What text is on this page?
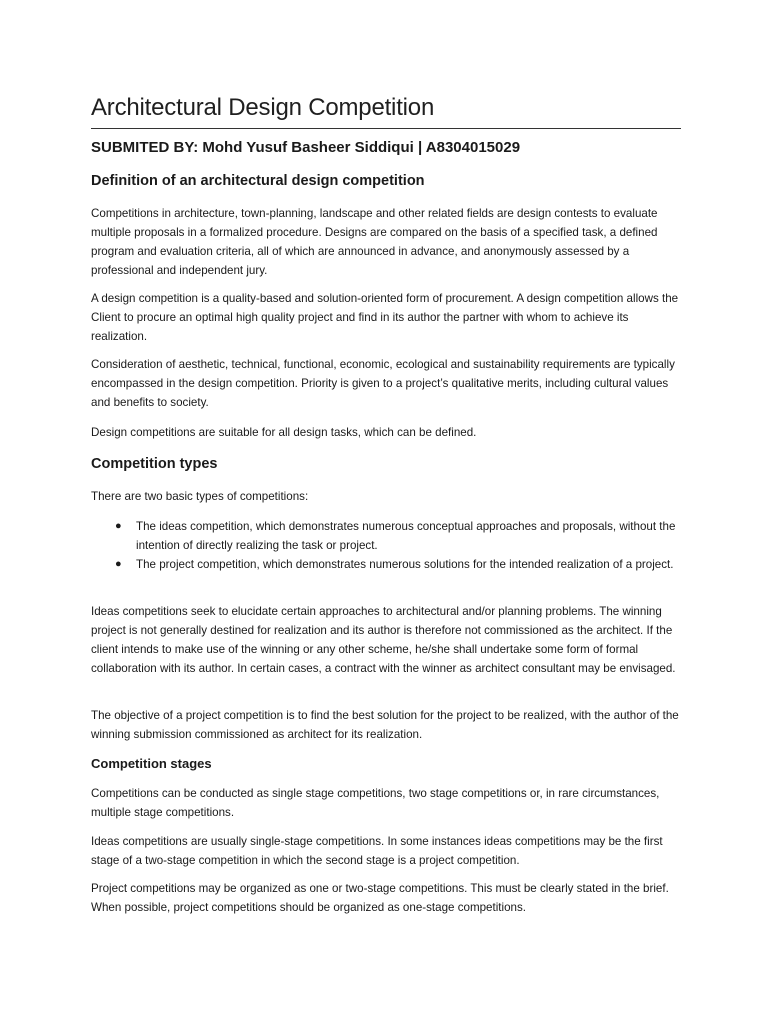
Architectural Design Competition

SUBMITED BY: Mohd Yusuf Basheer Siddiqui | A8304015029

Definition of an architectural design competition

Competitions in architecture, town-planning, landscape and other related fields are design contests to evaluate multiple proposals in a formalized procedure. Designs are compared on the basis of a specified task, a defined program and evaluation criteria, all of which are announced in advance, and anonymously assessed by a professional and independent jury.

A design competition is a quality-based and solution-oriented form of procurement. A design competition allows the Client to procure an optimal high quality project and find in its author the partner with whom to achieve its realization.

Consideration of aesthetic, technical, functional, economic, ecological and sustainability requirements are typically encompassed in the design competition. Priority is given to a project’s qualitative merits, including cultural values and benefits to society.

Design competitions are suitable for all design tasks, which can be defined.

Competition types

There are two basic types of competitions:

● The ideas competition, which demonstrates numerous conceptual approaches and proposals, without the intention of directly realizing the task or project.
● The project competition, which demonstrates numerous solutions for the intended realization of a project.

Ideas competitions seek to elucidate certain approaches to architectural and/or planning problems. The winning project is not generally destined for realization and its author is therefore not commissioned as the architect. If the client intends to make use of the winning or any other scheme, he/she shall undertake some form of formal collaboration with its author. In certain cases, a contract with the winner as architect consultant may be envisaged.

The objective of a project competition is to find the best solution for the project to be realized, with the author of the winning submission commissioned as architect for its realization.

Competition stages

Competitions can be conducted as single stage competitions, two stage competitions or, in rare circumstances, multiple stage competitions.

Ideas competitions are usually single-stage competitions. In some instances ideas competitions may be the first stage of a two-stage competition in which the second stage is a project competition.

Project competitions may be organized as one or two-stage competitions. This must be clearly stated in the brief. When possible, project competitions should be organized as one-stage competitions.
